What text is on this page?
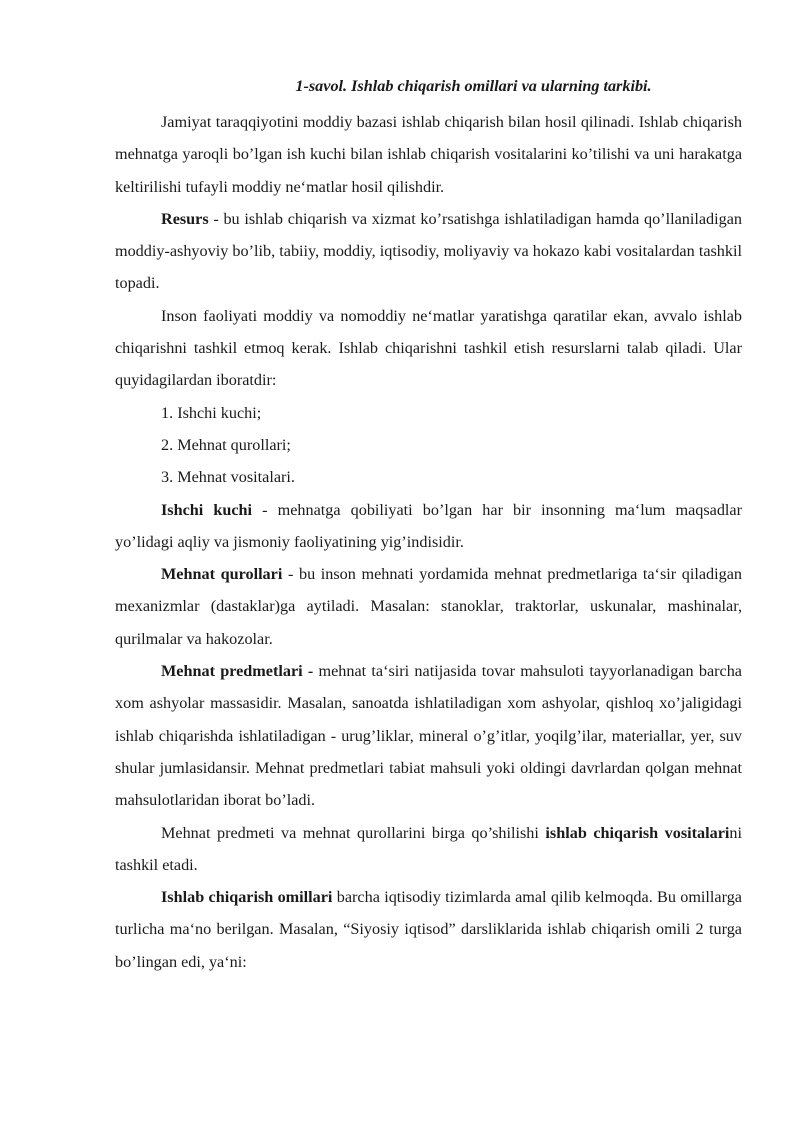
1-savol. Ishlab chiqarish omillari va ularning tarkibi.

Jamiyat taraqqiyotini moddiy bazasi ishlab chiqarish bilan hosil qilinadi. Ishlab chiqarish mehnatga yaroqli bo’lgan ish kuchi bilan ishlab chiqarish vositalarini ko’tilishi va uni harakatga keltirilishi tufayli moddiy ne‘matlar hosil qilishdir.

Resurs - bu ishlab chiqarish va xizmat ko’rsatishga ishlatiladigan hamda qo’llaniladigan moddiy-ashyoviy bo’lib, tabiiy, moddiy, iqtisodiy, moliyaviy va hokazo kabi vositalardan tashkil topadi.

Inson faoliyati moddiy va nomoddiy ne‘matlar yaratishga qaratilar ekan, avvalo ishlab chiqarishni tashkil etmoq kerak. Ishlab chiqarishni tashkil etish resurslarni talab qiladi. Ular quyidagilardan iboratdir:

1. Ishchi kuchi;

2. Mehnat qurollari;

3. Mehnat vositalari.

Ishchi kuchi - mehnatga qobiliyati bo’lgan har bir insonning ma‘lum maqsadlar yo’lidagi aqliy va jismoniy faoliyatining yig’indisidir.

Mehnat qurollari - bu inson mehnati yordamida mehnat predmetlariga ta‘sir qiladigan mexanizmlar (dastaklar)ga aytiladi. Masalan: stanoklar, traktorlar, uskunalar, mashinalar, qurilmalar va hakozolar.

Mehnat predmetlari - mehnat ta‘siri natijasida tovar mahsuloti tayyorlanadigan barcha xom ashyolar massasidir. Masalan, sanoatda ishlatiladigan xom ashyolar, qishloq xo’jaligidagi ishlab chiqarishda ishlatiladigan - urug’liklar, mineral o’g’itlar, yoqilg’ilar, materiallar, yer, suv shular jumlasidansir. Mehnat predmetlari tabiat mahsuli yoki oldingi davrlardan qolgan mehnat mahsulotlaridan iborat bo’ladi.

Mehnat predmeti va mehnat qurollarini birga qo’shilishi ishlab chiqarish vositalarini tashkil etadi.

Ishlab chiqarish omillari barcha iqtisodiy tizimlarda amal qilib kelmoqda. Bu omillarga turlicha ma‘no berilgan. Masalan, “Siyosiy iqtisod” darsliklarida ishlab chiqarish omili 2 turga bo’lingan edi, ya‘ni:
